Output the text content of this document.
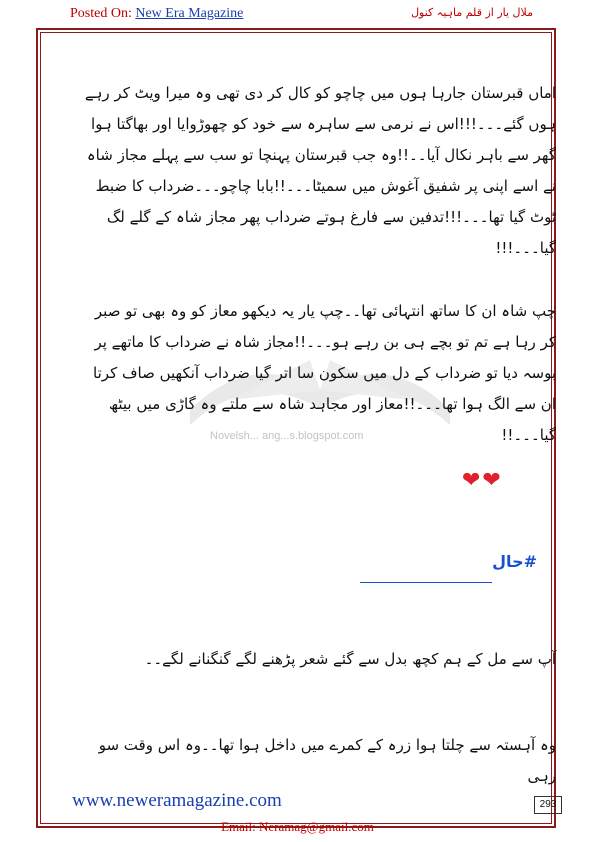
Posted On: New Era Magazine	ملال یار از قلم ماہیہ کنول
Novelsh... ang...s.blogspot.com
اماں قبرستان جارہا ہوں میں چاچو کو کال کر دی تھی وہ میرا ویٹ کر رہے ہوں گئے۔۔۔!!!اس نے نرمی سے ساہرہ سے خود کو چھوڑوایا اور بھاگتا ہوا گھر سے باہر نکال آیا۔۔!!وہ جب قبرستان پہنچا تو سب سے پہلے مجاز شاہ نے اسے اپنی پر شفیق آغوش میں سمیٹا۔۔۔!!بابا چاچو۔۔۔ضرداب کا ضبط ٹوٹ گیا تھا۔۔۔!!!تدفین سے فارغ ہوتے ضرداب پھر مجاز شاہ کے گلے لگ گیا۔۔۔!!!
چپ شاہ ان کا ساتھ انتہائی تھا۔۔چپ یار یہ دیکھو معاز کو وہ بھی تو صبر کر رہا ہے تم تو بچے ہی بن رہے ہو۔۔۔!!مجاز شاہ نے ضرداب کا ماتھے پر بوسہ دیا تو ضرداب کے دل میں سکون سا اتر گیا ضرداب آنکھیں صاف کرتا ان سے الگ ہوا تھا۔۔۔!!معاز اور مجاہد شاہ سے ملتے وہ گاڑی میں بیٹھ گیا۔۔۔!!
❤❤
#حال
آپ سے مل کے ہم کچھ بدل سے گئے شعر پڑھنے لگے گنگنانے لگے۔۔
وہ آہستہ سے چلتا ہوا زرہ کے کمرے میں داخل ہوا تھا۔۔وہ اس وقت سو رہی
www.neweramagazine.com	293
Email: Neramag@gmail.com
